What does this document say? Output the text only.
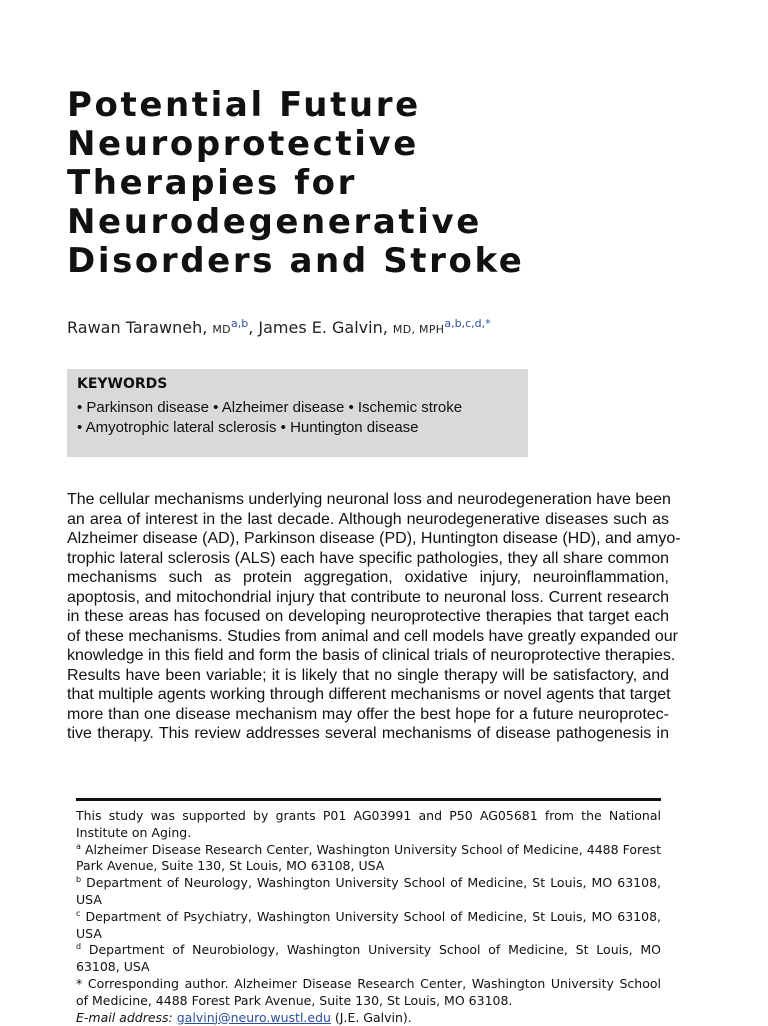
Potential Future
Neuroprotective
Therapies for
Neurodegenerative
Disorders and Stroke
Rawan Tarawneh, MD$^{a,b}$, James E. Galvin, MD, $MPH^{a,b,c,d,*}$
KEYWORDS
• Parkinson disease • Alzheimer disease • Ischemic stroke
• Amyotrophic lateral sclerosis • Huntington disease
The cellular mechanisms underlying neuronal loss and neurodegeneration have been
an area of interest in the last decade. Although neurodegenerative diseases such as
Alzheimer disease (AD), Parkinson disease (PD), Huntington disease (HD), and amyo-
trophic lateral sclerosis (ALS) each have specific pathologies, they all share common
mechanisms such as protein aggregation, oxidative injury, neuroinflammation,
apoptosis, and mitochondrial injury that contribute to neuronal loss. Current research
in these areas has focused on developing neuroprotective therapies that target each
of these mechanisms. Studies from animal and cell models have greatly expanded our
knowledge in this field and form the basis of clinical trials of neuroprotective therapies.
Results have been variable; it is likely that no single therapy will be satisfactory, and
that multiple agents working through different mechanisms or novel agents that target
more than one disease mechanism may offer the best hope for a future neuroprotec-
tive therapy. This review addresses several mechanisms of disease pathogenesis in

This study was supported by grants P01 AG03991 and P50 AG05681 from the National Institute on Aging.

$^a$ Alzheimer Disease Research Center, Washington University School of Medicine, 4488 Forest Park Avenue, Suite 130, St Louis, MO 63108, USA

$^b$ Department of Neurology, Washington University School of Medicine, St Louis, MO 63108, USA

$^c$ Department of Psychiatry, Washington University School of Medicine, St Louis, MO 63108, USA

$^d$ Department of Neurobiology, Washington University School of Medicine, St Louis, MO 63108, USA

* Corresponding author. Alzheimer Disease Research Center, Washington University School of Medicine, 4488 Forest Park Avenue, Suite 130, St Louis, MO 63108.

E-mail address: galvinj@neuro.wustl.edu (J.E. Galvin).
